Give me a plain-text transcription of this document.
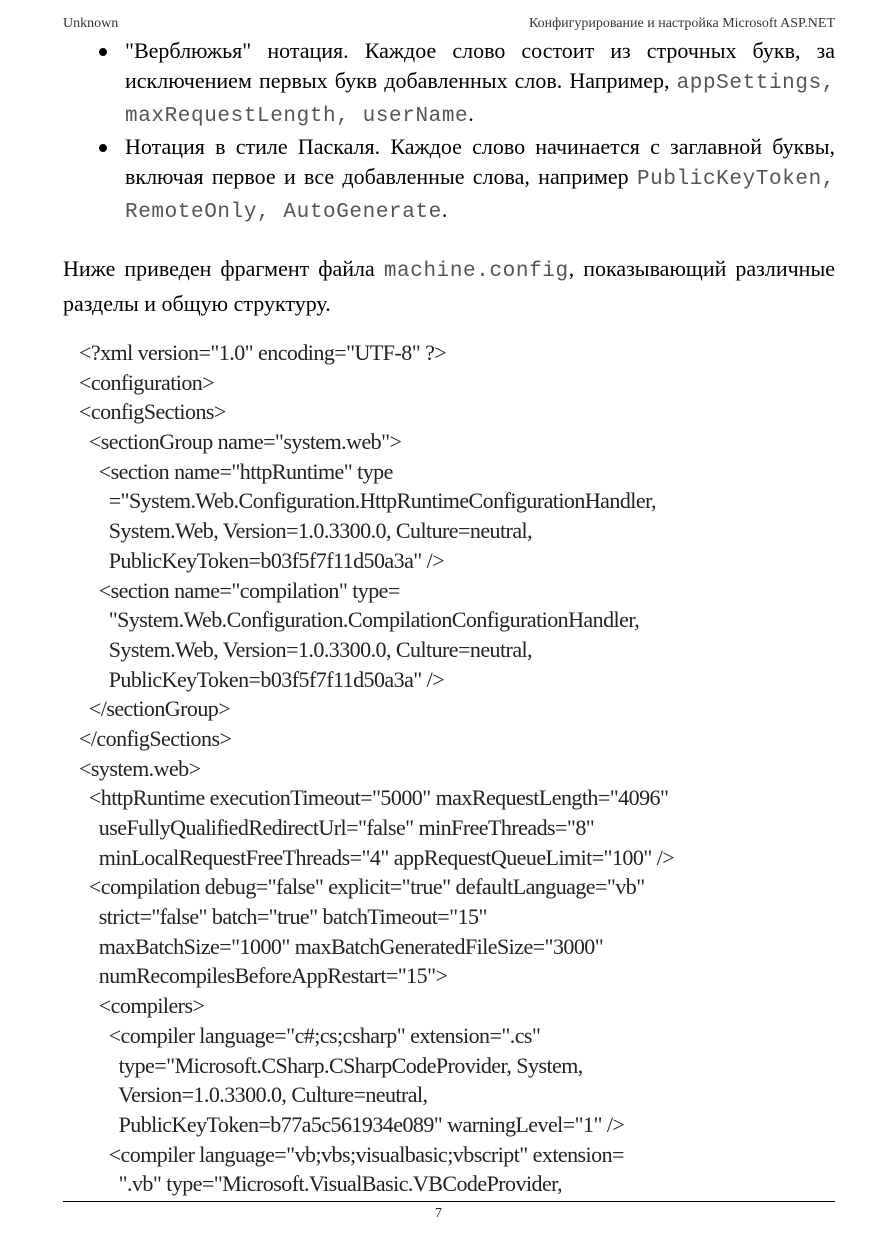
Unknown	Конфигурирование и настройка Microsoft ASP.NET
"Верблюжья" нотация. Каждое слово состоит из строчных букв, за исключением первых букв добавленных слов. Например, appSettings, maxRequestLength, userName.
Нотация в стиле Паскаля. Каждое слово начинается с заглавной буквы, включая первое и все добавленные слова, например PublicKeyToken, RemoteOnly, AutoGenerate.

Ниже приведен фрагмент файла machine.config, показывающий различные разделы и общую структуру.

<?xml version="1.0" encoding="UTF-8" ?>
<configuration>
<configSections>
<sectionGroup name="system.web">
<section name="httpRuntime" type
="System.Web.Configuration.HttpRuntimeConfigurationHandler,
System.Web, Version=1.0.3300.0, Culture=neutral,
PublicKeyToken=b03f5f7f11d50a3a" />
<section name="compilation" type=
"System.Web.Configuration.CompilationConfigurationHandler,
System.Web, Version=1.0.3300.0, Culture=neutral,
PublicKeyToken=b03f5f7f11d50a3a" />
</sectionGroup>
</configSections>
<system.web>
<httpRuntime executionTimeout="5000" maxRequestLength="4096"
useFullyQualifiedRedirectUrl="false" minFreeThreads="8"
minLocalRequestFreeThreads="4" appRequestQueueLimit="100" />
<compilation debug="false" explicit="true" defaultLanguage="vb"
strict="false" batch="true" batchTimeout="15"
maxBatchSize="1000" maxBatchGeneratedFileSize="3000"
numRecompilesBeforeAppRestart="15">
<compilers>
<compiler language="c#;cs;csharp" extension=".cs"
type="Microsoft.CSharp.CSharpCodeProvider, System,
Version=1.0.3300.0, Culture=neutral,
PublicKeyToken=b77a5c561934e089" warningLevel="1" />
<compiler language="vb;vbs;visualbasic;vbscript" extension=
".vb" type="Microsoft.VisualBasic.VBCodeProvider,
7
